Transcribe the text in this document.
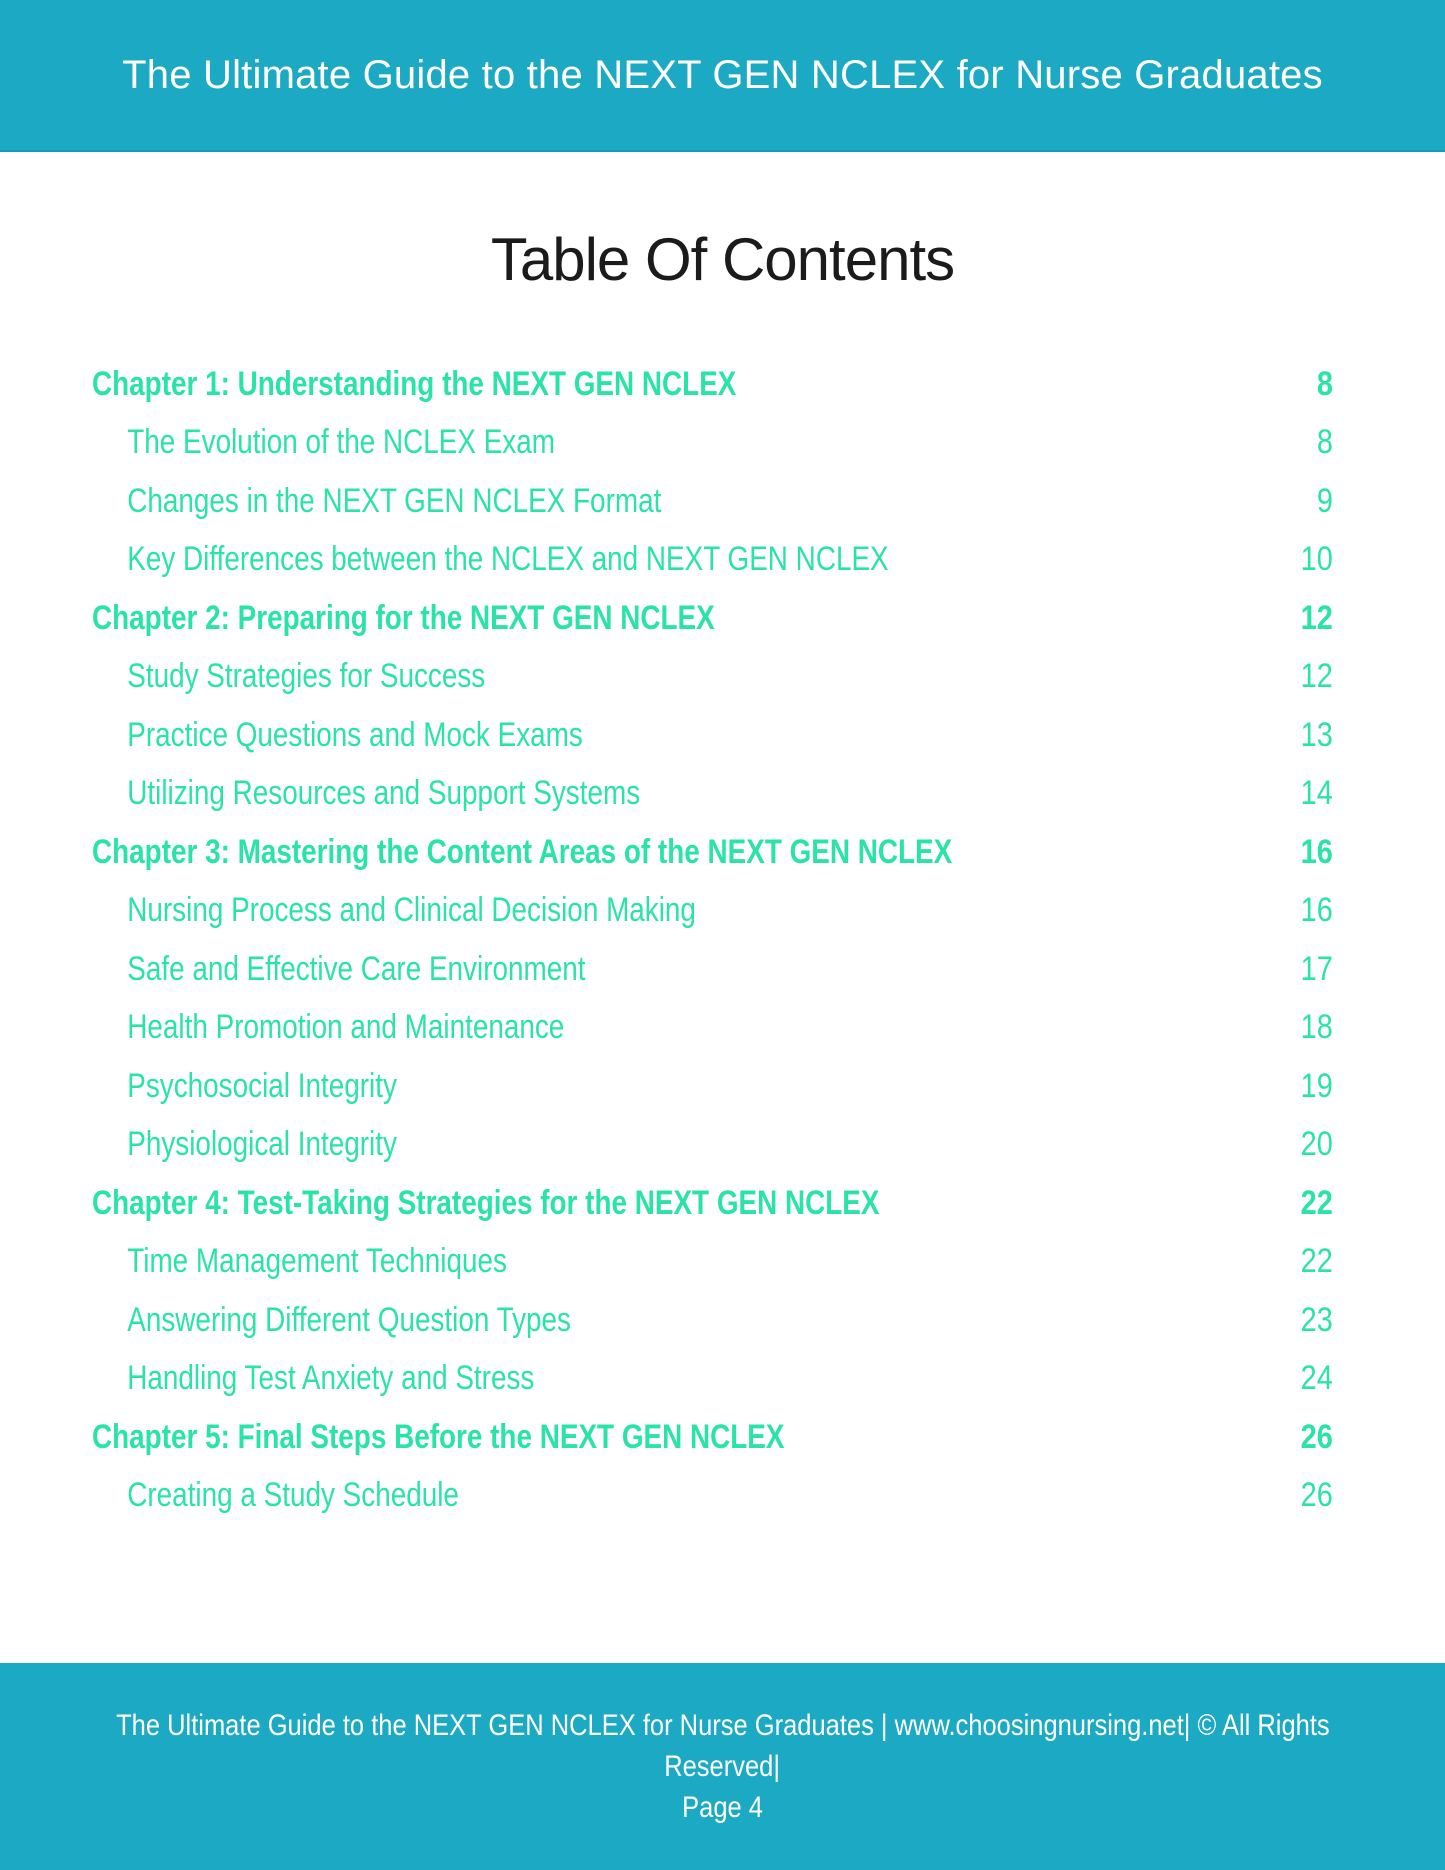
The Ultimate Guide to the NEXT GEN NCLEX for Nurse Graduates
Table Of Contents
Chapter 1: Understanding the NEXT GEN NCLEX	8
The Evolution of the NCLEX Exam	8
Changes in the NEXT GEN NCLEX Format	9
Key Differences between the NCLEX and NEXT GEN NCLEX	10
Chapter 2: Preparing for the NEXT GEN NCLEX	12
Study Strategies for Success	12
Practice Questions and Mock Exams	13
Utilizing Resources and Support Systems	14
Chapter 3: Mastering the Content Areas of the NEXT GEN NCLEX	16
Nursing Process and Clinical Decision Making	16
Safe and Effective Care Environment	17
Health Promotion and Maintenance	18
Psychosocial Integrity	19
Physiological Integrity	20
Chapter 4: Test-Taking Strategies for the NEXT GEN NCLEX	22
Time Management Techniques	22
Answering Different Question Types	23
Handling Test Anxiety and Stress	24
Chapter 5: Final Steps Before the NEXT GEN NCLEX	26
Creating a Study Schedule	26
The Ultimate Guide to the NEXT GEN NCLEX for Nurse Graduates | www.choosingnursing.net| © All Rights
Reserved|
Page 4
